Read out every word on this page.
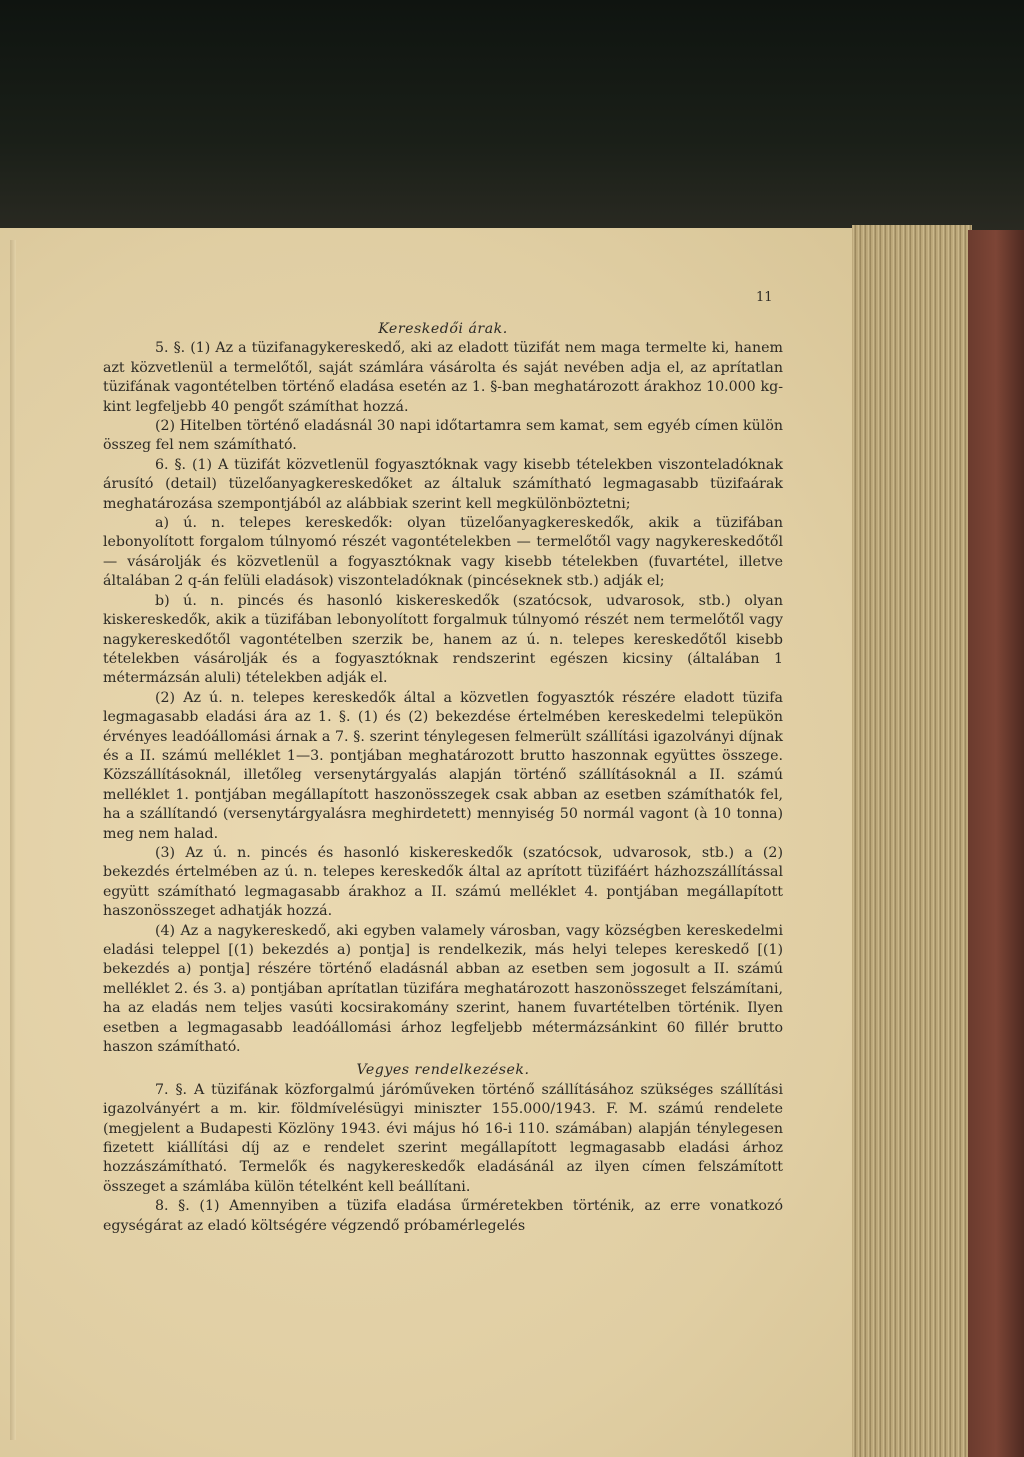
11
Kereskedői árak.

5. §. (1) Az a tüzifanagykereskedő, aki az eladott tüzifát nem maga termelte ki, hanem azt közvetlenül a termelőtől, saját számlára vásárolta és saját nevében adja el, az aprítatlan tüzifának vagontételben történő eladása esetén az 1. §-ban meghatározott árakhoz 10.000 kg-kint legfeljebb 40 pengőt számíthat hozzá.

(2) Hitelben történő eladásnál 30 napi időtartamra sem kamat, sem egyéb címen külön összeg fel nem számítható.

6. §. (1) A tüzifát közvetlenül fogyasztóknak vagy kisebb tételekben viszonteladóknak árusító (detail) tüzelőanyagkereskedőket az általuk számítható legmagasabb tüzifaárak meghatározása szempontjából az alábbiak szerint kell megkülönböztetni;

a) ú. n. telepes kereskedők: olyan tüzelőanyagkereskedők, akik a tüzifában lebonyolított forgalom túlnyomó részét vagontételekben — termelőtől vagy nagykereskedőtől — vásárolják és közvetlenül a fogyasztóknak vagy kisebb tételekben (fuvartétel, illetve általában 2 q-án felüli eladások) viszonteladóknak (pincéseknek stb.) adják el;

b) ú. n. pincés és hasonló kiskereskedők (szatócsok, udvarosok, stb.) olyan kiskereskedők, akik a tüzifában lebonyolított forgalmuk túlnyomó részét nem termelőtől vagy nagykereskedőtől vagontételben szerzik be, hanem az ú. n. telepes kereskedőtől kisebb tételekben vásárolják és a fogyasztóknak rendszerint egészen kicsiny (általában 1 métermázsán aluli) tételekben adják el.

(2) Az ú. n. telepes kereskedők által a közvetlen fogyasztók részére eladott tüzifa legmagasabb eladási ára az 1. §. (1) és (2) bekezdése értelmében kereskedelmi telepükön érvényes leadóállomási árnak a 7. §. szerint ténylegesen felmerült szállítási igazolványi díjnak és a II. számú melléklet 1—3. pontjában meghatározott brutto haszonnak együttes összege. Közszállításoknál, illetőleg versenytárgyalás alapján történő szállításoknál a II. számú melléklet 1. pontjában megállapított haszonösszegek csak abban az esetben számíthatók fel, ha a szállítandó (versenytárgyalásra meghirdetett) mennyiség 50 normál vagont (à 10 tonna) meg nem halad.

(3) Az ú. n. pincés és hasonló kiskereskedők (szatócsok, udvarosok, stb.) a (2) bekezdés értelmében az ú. n. telepes kereskedők által az aprított tüzifáért házhozszállítással együtt számítható legmagasabb árakhoz a II. számú melléklet 4. pontjában megállapított haszonösszeget adhatják hozzá.

(4) Az a nagykereskedő, aki egyben valamely városban, vagy községben kereskedelmi eladási teleppel [(1) bekezdés a) pontja] is rendelkezik, más helyi telepes kereskedő [(1) bekezdés a) pontja] részére történő eladásnál abban az esetben sem jogosult a II. számú melléklet 2. és 3. a) pontjában aprítatlan tüzifára meghatározott haszonösszeget felszámítani, ha az eladás nem teljes vasúti kocsirakomány szerint, hanem fuvartételben történik. Ilyen esetben a legmagasabb leadóállomási árhoz legfeljebb métermázsánkint 60 fillér brutto haszon számítható.

Vegyes rendelkezések.

7. §. A tüzifának közforgalmú járóműveken történő szállításához szükséges szállítási igazolványért a m. kir. földmívelésügyi miniszter 155.000/1943. F. M. számú rendelete (megjelent a Budapesti Közlöny 1943. évi május hó 16-i 110. számában) alapján ténylegesen fizetett kiállítási díj az e rendelet szerint megállapított legmagasabb eladási árhoz hozzászámítható. Termelők és nagykereskedők eladásánál az ilyen címen felszámított összeget a számlába külön tételként kell beállítani.

8. §. (1) Amennyiben a tüzifa eladása űrméretekben történik, az erre vonatkozó egységárat az eladó költségére végzendő próbamérlegelés
